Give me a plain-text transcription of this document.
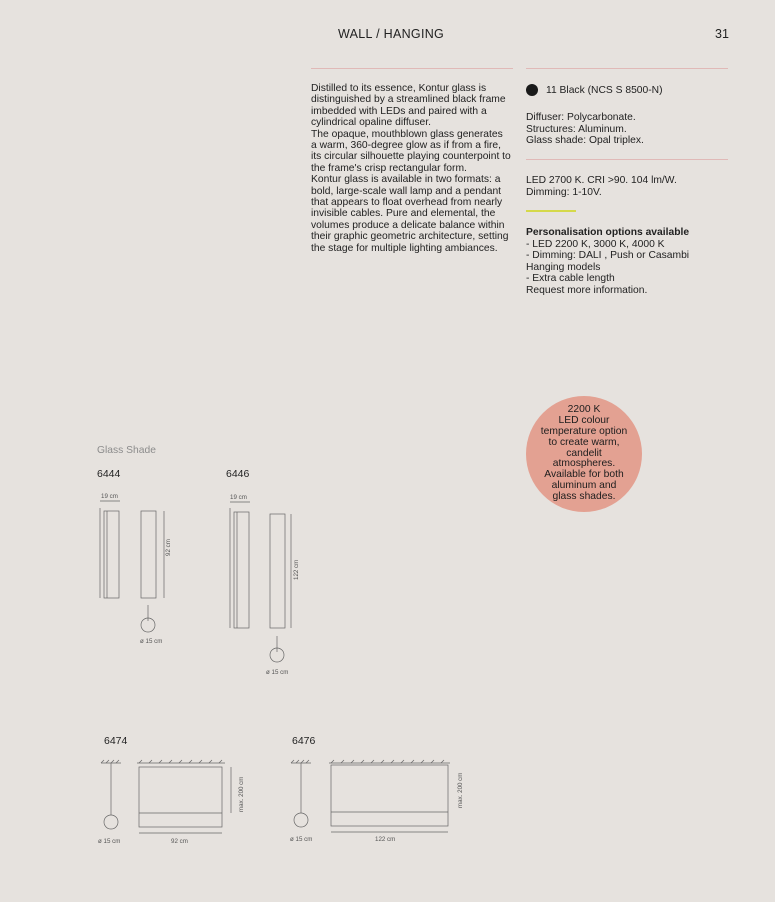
WALL / HANGING	31

Distilled to its essence, Kontur glass is distinguished by a streamlined black frame imbedded with LEDs and paired with a cylindrical opaline diffuser.

The opaque, mouthblown glass generates a warm, 360-degree glow as if from a fire, its circular silhouette playing counterpoint to the frame's crisp rectangular form.

Kontur glass is available in two formats: a bold, large-scale wall lamp and a pendant that appears to float overhead from nearly invisible cables. Pure and elemental, the volumes produce a delicate balance within their graphic geometric architecture, setting the stage for multiple lighting ambiances.

11 Black (NCS S 8500-N)
Diffuser: Polycarbonate.
Structures: Aluminum.
Glass shade: Opal triplex.
LED 2700 K. CRI >90. 104 lm/W.
Dimming: 1-10V.
Personalisation options available
- LED 2200 K, 3000 K, 4000 K
- Dimming: DALI , Push or Casambi
Hanging models
- Extra cable length
Request more information.
2200 K
LED colour
temperature option
to create warm,
candelit atmospheres.
Available for both
aluminum and
glass shades.
Glass Shade
6444	6446
6474	6476
19 cm
92 cm
ø 15 cm
19 cm
122 cm
ø 15 cm
ø 15 cm	92 cm
max. 200 cm
ø 15 cm	122 cm
max. 200 cm
